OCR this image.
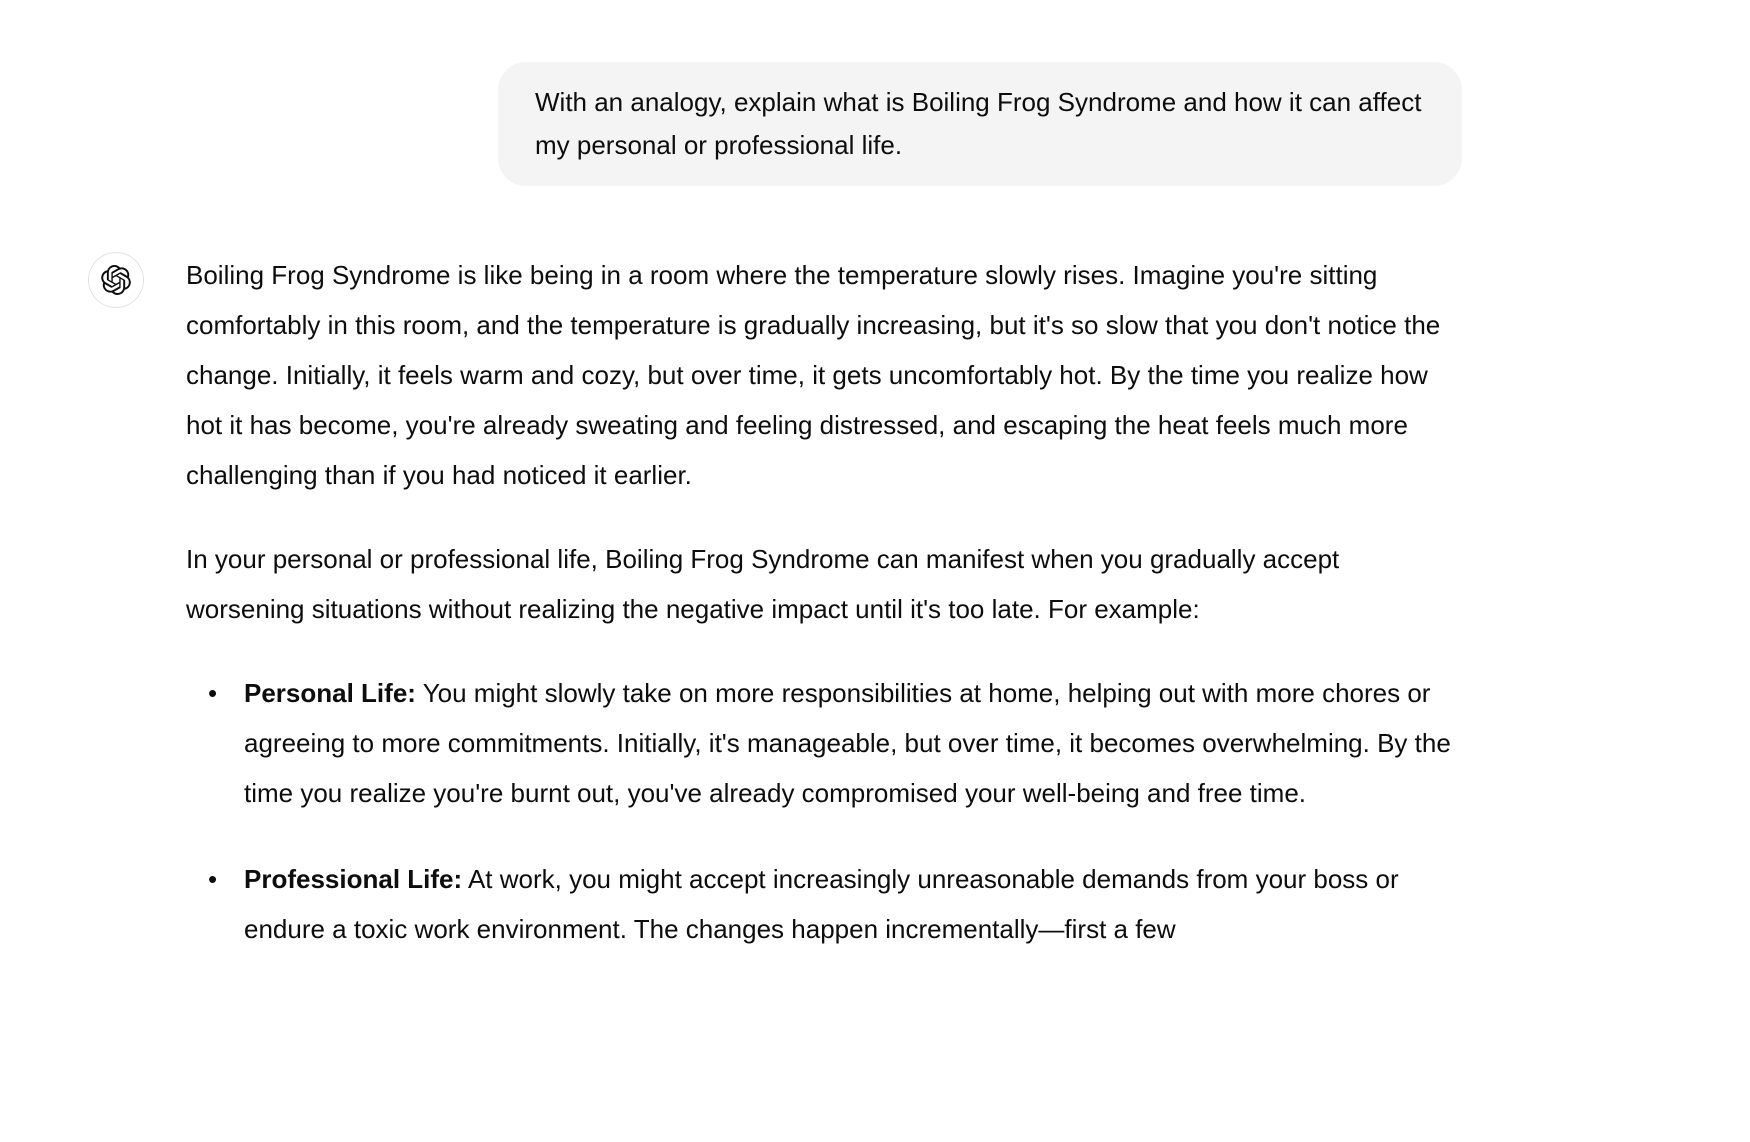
With an analogy, explain what is Boiling Frog Syndrome and how it can affect my personal or professional life.

Boiling Frog Syndrome is like being in a room where the temperature slowly rises. Imagine you're sitting comfortably in this room, and the temperature is gradually increasing, but it's so slow that you don't notice the change. Initially, it feels warm and cozy, but over time, it gets uncomfortably hot. By the time you realize how hot it has become, you're already sweating and feeling distressed, and escaping the heat feels much more challenging than if you had noticed it earlier.

In your personal or professional life, Boiling Frog Syndrome can manifest when you gradually accept worsening situations without realizing the negative impact until it's too late. For example:

• Personal Life: You might slowly take on more responsibilities at home, helping out with more chores or agreeing to more commitments. Initially, it's manageable, but over time, it becomes overwhelming. By the time you realize you're burnt out, you've already compromised your well-being and free time.
• Professional Life: At work, you might accept increasingly unreasonable demands from your boss or endure a toxic work environment. The changes happen incrementally—first a few
